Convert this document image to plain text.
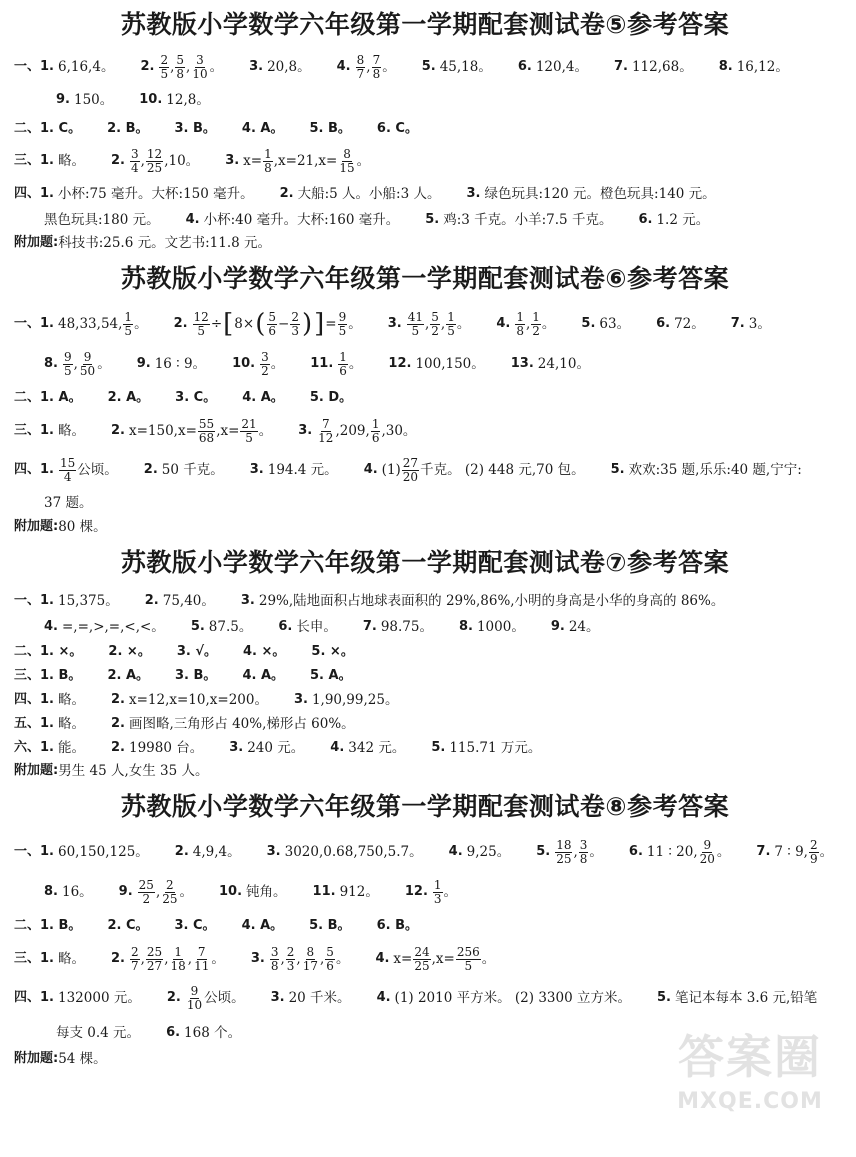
苏教版小学数学六年级第一学期配套测试卷⑤参考答案
一、 1. 6,16,4。 2. $\frac{2}{5}$ , $\frac{5}{8}$ , $\frac{3}{10}$ 。 3. 20,8。 4. $\frac{8}{7}$ , $\frac{7}{8}$ 。 5. 45,18。 6. 120,4。 7. 112,68。 8. 16,12。
9. 150。 10. 12,8。
二、 1. C。 2. B。 3. B。 4. A。 5. B。 6. C。
三、 1. 略。 2. $\frac{3}{4}$ , $\frac{12}{25} ,10$。 3. $x= \frac{1}{8} ,x=21,x= \frac{8}{15}$ 。
四、 1. 小杯:75 毫升。大杯:150 毫升。 2. 大船:5 人。小船:3 人。 3. 绿色玩具:120 元。橙色玩具:140 元。
黑色玩具:180 元。 4. 小杯:40 毫升。大杯:160 毫升。 5. 鸡:3 千克。小羊:7.5 千克。 6. 1.2 元。
附加题: 科技书:25.6 元。文艺书:11.8 元。
苏教版小学数学六年级第一学期配套测试卷⑥参考答案
一、 1. 48,33,54, $\frac{1}{5}$ 。 2. $\frac{12}{5}$ ÷ [ 8× ( $\frac{5}{6} - \frac{2}{3}$ ) ] = $\frac{9}{5}$ 。 3. $\frac{41}{5}$ , $\frac{5}{2}$ , $\frac{1}{5}$ 。 4. $\frac{1}{8}$ , $\frac{1}{2}$ 。 5. 63。 6. 72。 7. 3。
8. $\frac{9}{5}$ , $\frac{9}{50}$ 。 9. 16 ∶ 9。 10. $\frac{3}{2}$ 。 11. $\frac{1}{6}$ 。 12. 100,150。 13. 24,10。
二、 1. A。 2. A。 3. C。 4. A。 5. D。
三、 1. 略。 2. $x=150,x= \frac{55}{68} ,x= \frac{21}{5}$ 。 3. $\frac{7}{12} ,209$, $\frac{1}{6} ,30$。
四、 1. $\frac{15}{4}$ 公顷。 2. 50 千克。 3. 194.4 元。 4. $(1) \frac{27}{20}$ 千克。 (2) 448 元,70 包。 5. 欢欢:35 题,乐乐:40 题,宁宁:
37 题。
附加题: 80 棵。
苏教版小学数学六年级第一学期配套测试卷⑦参考答案
一、 1. 15,375。 2. 75,40。 3. 29%,陆地面积占地球表面积的 29%,86%,小明的身高是小华的身高的 86%。
4. =,=,>,=,<,<。 5. 87.5。 6. 长申。 7. 98.75。 8. 1000。 9. 24。
二、 1. ×。 2. ×。 3. √。 4. ×。 5. ×。
三、 1. B。 2. A。 3. B。 4. A。 5. A。
四、 1. 略。 2. x=12,x=10,x=200。 3. 1,90,99,25。
五、 1. 略。 2. 画图略,三角形占 40%,梯形占 60%。
六、 1. 能。 2. 19980 台。 3. 240 元。 4. 342 元。 5. 115.71 万元。
附加题: 男生 45 人,女生 35 人。
苏教版小学数学六年级第一学期配套测试卷⑧参考答案
一、 1. 60,150,125。 2. 4,9,4。 3. 3020,0.68,750,5.7。 4. 9,25。 5. $\frac{18}{25}$ , $\frac{3}{8}$ 。 6. 11 ∶ 20, $\frac{9}{20}$ 。 7. 7 ∶ 9, $\frac{2}{9}$ 。
8. 16。 9. $\frac{25}{2}$ , $\frac{2}{25}$ 。 10. 钝角。 11. 912。 12. $\frac{1}{3}$ 。
二、 1. B。 2. C。 3. C。 4. A。 5. B。 6. B。
三、 1. 略。 2. $\frac{2}{7}$ , $\frac{25}{27}$ , $\frac{1}{18}$ , $\frac{7}{11}$ 。 3. $\frac{3}{8}$ , $\frac{2}{3}$ , $\frac{8}{17}$ , $\frac{5}{6}$ 。 4. $x= \frac{24}{25} ,x= \frac{256}{5}$ 。
四、 1. 132000 元。 2. $\frac{9}{10}$ 公顷。 3. 20 千米。 4. (1) 2010 平方米。 (2) 3300 立方米。 5. 笔记本每本 3.6 元,铅笔
每支 0.4 元。 6. 168 个。
附加题: 54 棵。	答案圈
MXQE.COM
